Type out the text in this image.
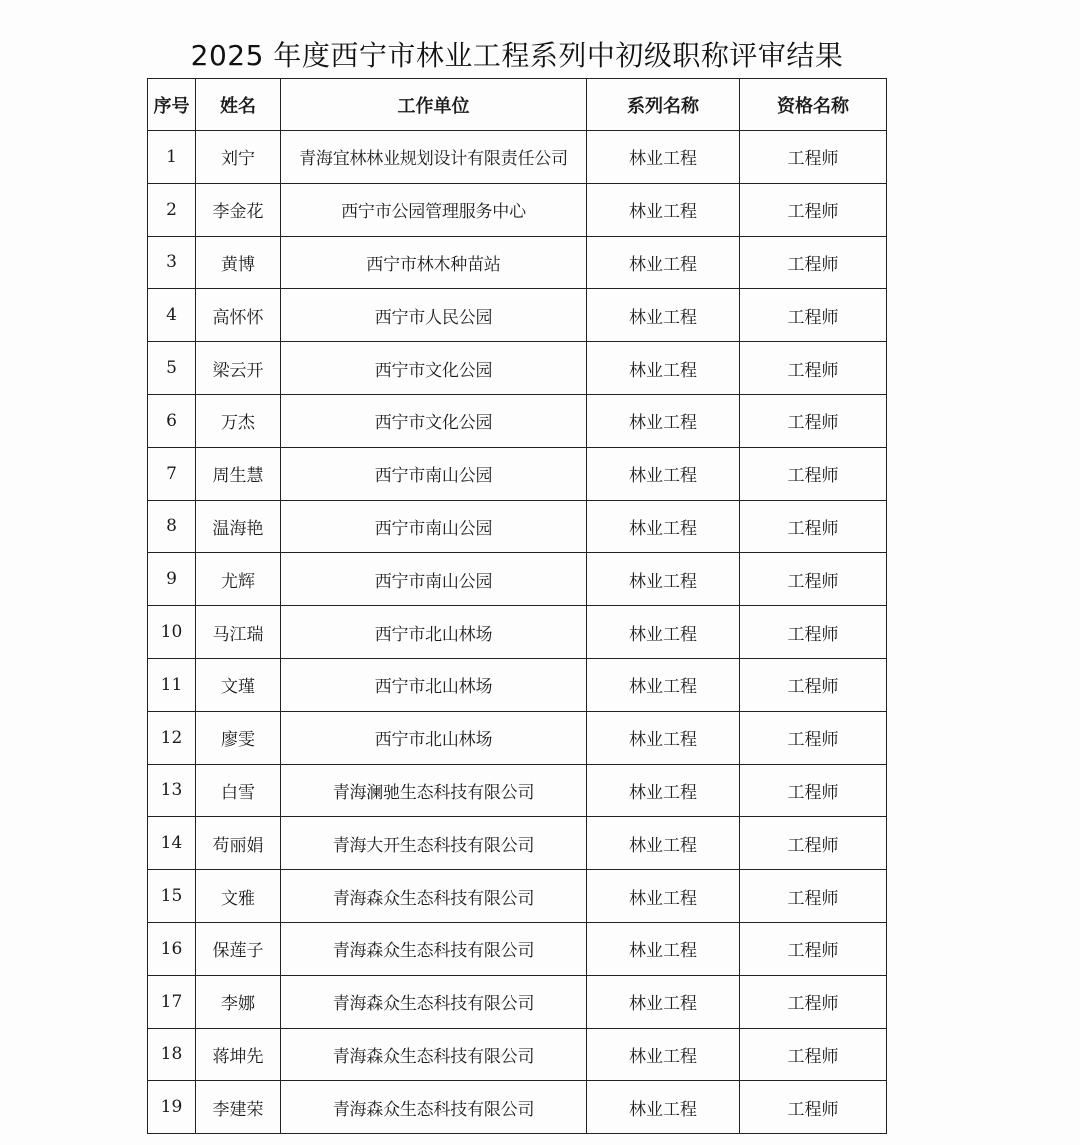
2025 年度西宁市林业工程系列中初级职称评审结果
序号	姓名	工作单位	系列名称	资格名称
1	刘宁	青海宜林林业规划设计有限责任公司	林业工程	工程师
2	李金花	西宁市公园管理服务中心	林业工程	工程师
3	黄博	西宁市林木种苗站	林业工程	工程师
4	高怀怀	西宁市人民公园	林业工程	工程师
5	梁云开	西宁市文化公园	林业工程	工程师
6	万杰	西宁市文化公园	林业工程	工程师
7	周生慧	西宁市南山公园	林业工程	工程师
8	温海艳	西宁市南山公园	林业工程	工程师
9	尤辉	西宁市南山公园	林业工程	工程师
10	马江瑞	西宁市北山林场	林业工程	工程师
11	文瑾	西宁市北山林场	林业工程	工程师
12	廖雯	西宁市北山林场	林业工程	工程师
13	白雪	青海澜驰生态科技有限公司	林业工程	工程师
14	苟丽娟	青海大开生态科技有限公司	林业工程	工程师
15	文雅	青海森众生态科技有限公司	林业工程	工程师
16	保莲子	青海森众生态科技有限公司	林业工程	工程师
17	李娜	青海森众生态科技有限公司	林业工程	工程师
18	蒋坤先	青海森众生态科技有限公司	林业工程	工程师
19	李建荣	青海森众生态科技有限公司	林业工程	工程师
